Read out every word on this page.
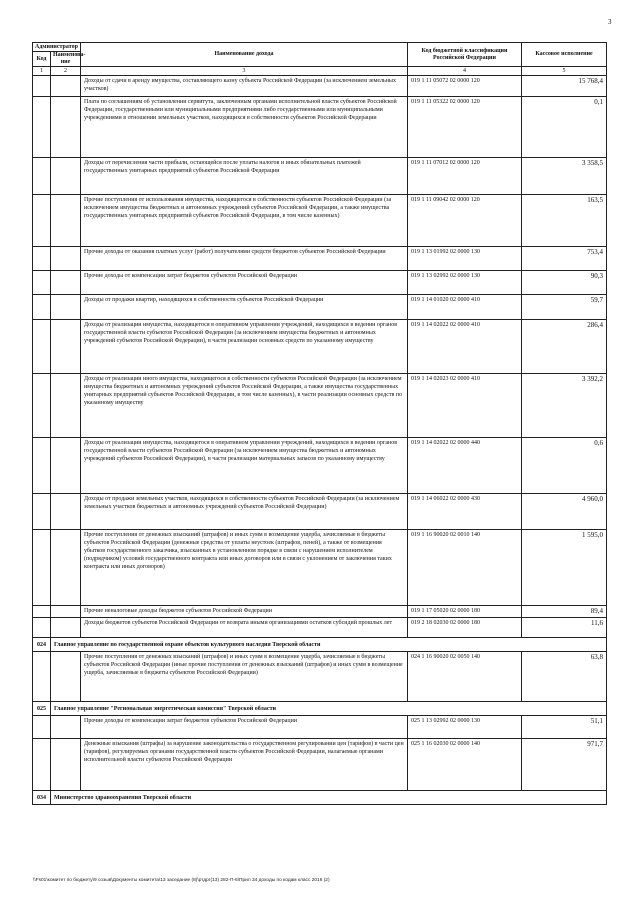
3
Администратор		Наименование дохода	Код бюджетной классификации Российской Федерации	Кассовое исполнение
Код	Наименова-ние			
1	2	3	4	5
		Доходы от сдачи в аренду имущества, составляющего казну субъекта Российской Федерации (за исключением земельных участков)	019 1 11 05072 02 0000 120	15 768,4
		Плата по соглашениям об установлении сервитута, заключенным органами исполнительной власти субъектов Российской Федерации, государственными или муниципальными предприятиями либо государственными или муниципальными учреждениями в отношении земельных участков, находящихся в собственности субъектов Российской Федерации	019 1 11 05322 02 0000 120	0,1
		Доходы от перечисления части прибыли, остающейся после уплаты налогов и иных обязательных платежей государственных унитарных предприятий субъектов Российской Федерации	019 1 11 07012 02 0000 120	3 358,5
		Прочие поступления от использования имущества, находящегося в собственности субъектов Российской Федерации (за исключением имущества бюджетных и автономных учреждений субъектов Российской Федерации, а также имущества государственных унитарных предприятий субъектов Российской Федерации, в том числе казенных)	019 1 11 09042 02 0000 120	163,5
		Прочие доходы от оказания платных услуг (работ) получателями средств бюджетов субъектов Российской Федерации	019 1 13 01992 02 0000 130	753,4
		Прочие доходы от компенсации затрат бюджетов субъектов Российской Федерации	019 1 13 02992 02 0000 130	90,3
		Доходы от продажи квартир, находящихся в собственности субъектов Российской Федерации	019 1 14 01020 02 0000 410	59,7
		Доходы от реализации имущества, находящегося в оперативном управлении учреждений, находящихся в ведении органов государственной власти субъектов Российской Федерации (за исключением имущества бюджетных и автономных учреждений субъектов Российской Федерации), в части реализации основных средств по указанному имуществу	019 1 14 02022 02 0000 410	286,4
		Доходы от реализации иного имущества, находящегося в собственности субъектов Российской Федерации (за исключением имущества бюджетных и автономных учреждений субъектов Российской Федерации, а также имущества государственных унитарных предприятий субъектов Российской Федерации, в том числе казенных), в части реализации основных средств по указанному имуществу	019 1 14 02023 02 0000 410	3 392,2
		Доходы от реализации имущества, находящегося в оперативном управлении учреждений, находящихся в ведении органов государственной власти субъектов Российской Федерации (за исключением имущества бюджетных и автономных учреждений субъектов Российской Федерации), в части реализации материальных запасов по указанному имуществу	019 1 14 02022 02 0000 440	0,6
		Доходы от продажи земельных участков, находящихся в собственности субъектов Российской Федерации (за исключением земельных участков бюджетных и автономных учреждений субъектов Российской Федерации)	019 1 14 06022 02 0000 430	4 960,0
		Прочие поступления от денежных взысканий (штрафов) и иных сумм в возмещение ущерба, зачисляемые в бюджеты субъектов Российской Федерации (денежные средства от уплаты неустоек (штрафов, пеней), а также от возмещения убытков государственного заказчика, взысканных в установленном порядке в связи с нарушением исполнителем (подрядчиком) условий государственного контракта или иных договоров или в связи с уклонением от заключения таких контракта или иных договоров)	019 1 16 90020 02 0010 140	1 595,0
		Прочие неналоговые доходы бюджетов субъектов Российской Федерации	019 1 17 05020 02 0000 180	89,4
		Доходы бюджетов субъектов Российской Федерации от возврата иными организациями остатков субсидий прошлых лет	019 2 18 02030 02 0000 180	11,6
024	Главное управление по государственной охране объектов культурного наследия Тверской области			
		Прочие поступления от денежных взысканий (штрафов) и иных сумм в возмещение ущерба, зачисляемые в бюджеты субъектов Российской Федерации (иные прочие поступления от денежных взысканий (штрафов) и иных сумм в возмещение ущерба, зачисляемые в бюджеты субъектов Российской Федерации)	024 1 16 90020 02 0050 140	63,8
025	Главное управление "Региональная энергетическая комиссия" Тверской области			
		Прочие доходы от компенсации затрат бюджетов субъектов Российской Федерации	025 1 13 02992 02 0000 130	51,1
		Денежные взыскания (штрафы) за нарушение законодательства о государственном регулировании цен (тарифов) в части цен (тарифов), регулируемых органами государственной власти субъектов Российской Федерации, налагаемые органами исполнительной власти субъектов Российской Федерации	025 1 16 02030 02 0000 140	971,7
034	Министерство здравоохранения Тверской области			
\\Fs01\комитет по бюджету\9 созыв\Документы комитета\13 заседание (8)\ртдрг(13) 282-П-6\Прил 34 доходы по кодам класс 2016 (2)
